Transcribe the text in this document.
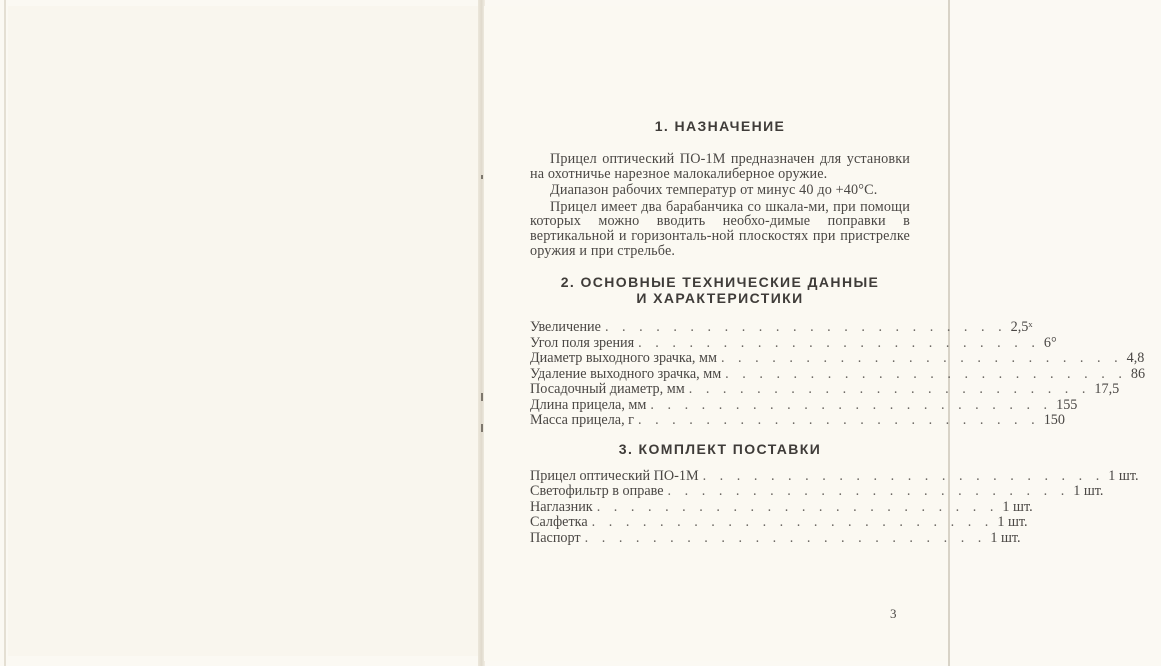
1. НАЗНАЧЕНИЕ

Прицел оптический ПО-1М предназначен для установки на охотничье нарезное малокалиберное оружие.

Диапазон рабочих температур от минус 40 до +40°С.

Прицел имеет два барабанчика со шкала-ми, при помощи которых можно вводить необхо-димые поправки в вертикальной и горизонталь-ной плоскостях при пристрелке оружия и при стрельбе.

2. ОСНОВНЫЕ ТЕХНИЧЕСКИЕ ДАННЫЕ
И ХАРАКТЕРИСТИКИ
Увеличение . . . . . . . . . . . . . . . . . . . . . . . . 2,5ˣ
Угол поля зрения . . . . . . . . . . . . . . . . . . . . . . . . 6°
Диаметр выходного зрачка, мм . . . . . . . . . . . . . . . . . . . . . . . . 4,8
Удаление выходного зрачка, мм . . . . . . . . . . . . . . . . . . . . . . . . 86
Посадочный диаметр, мм . . . . . . . . . . . . . . . . . . . . . . . . 17,5
Длина прицела, мм . . . . . . . . . . . . . . . . . . . . . . . . 155
Масса прицела, г . . . . . . . . . . . . . . . . . . . . . . . . 150
3. КОМПЛЕКТ ПОСТАВКИ
Прицел оптический ПО-1М . . . . . . . . . . . . . . . . . . . . . . . . 1 шт.
Светофильтр в оправе . . . . . . . . . . . . . . . . . . . . . . . . 1 шт.
Наглазник . . . . . . . . . . . . . . . . . . . . . . . . 1 шт.
Салфетка . . . . . . . . . . . . . . . . . . . . . . . . 1 шт.
Паспорт . . . . . . . . . . . . . . . . . . . . . . . . 1 шт.
3
